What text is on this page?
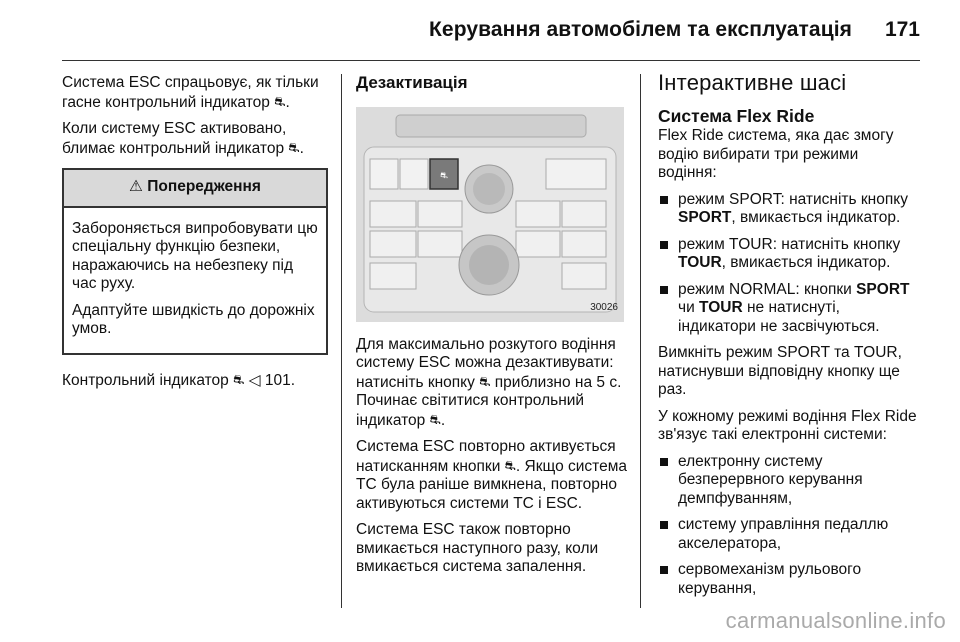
Керування автомобілем та експлуатація 171

Система ESC спрацьовує, як тільки гасне контрольний індикатор ⛐.

Коли систему ESC активовано, блимає контрольний індикатор ⛐.

⚠ Попередження

Забороняється випробовувати цю спеціальну функцію безпеки, наражаючись на небезпеку під час руху.

Адаптуйте швидкість до дорожніх умов.

Контрольний індикатор ⛐ ◁ 101.

Дезактивація
⛐
30026

Для максимально розкутого водіння систему ESC можна дезактивувати: натисніть кнопку ⛐ приблизно на 5 с. Починає світитися контрольний індикатор ⛐.

Система ESC повторно активується натисканням кнопки ⛐. Якщо система TC була раніше вимкнена, повторно активуються системи TC і ESC.

Система ESC також повторно вмикається наступного разу, коли вмикається система запалення.

Інтерактивне шасі
Система Flex Ride

Flex Ride система, яка дає змогу водію вибирати три режими водіння:

режим SPORT: натисніть кнопку SPORT, вмикається індикатор.
режим TOUR: натисніть кнопку TOUR, вмикається індикатор.
режим NORMAL: кнопки SPORT чи TOUR не натиснуті, індикатори не засвічуються.

Вимкніть режим SPORT та TOUR, натиснувши відповідну кнопку ще раз.

У кожному режимі водіння Flex Ride зв'язує такі електронні системи:

електронну систему безперервного керування демпфуванням,
систему управління педаллю акселератора,
сервомеханізм рульового керування,
carmanualsonline.info
